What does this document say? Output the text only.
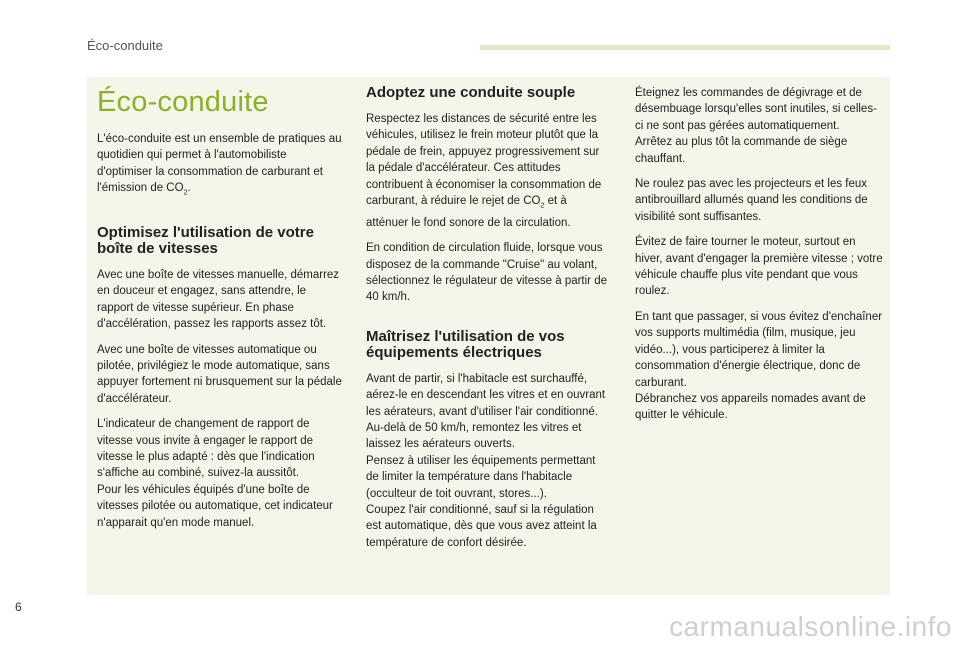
Éco-conduite
Éco-conduite

L'éco-conduite est un ensemble de pratiques au quotidien qui permet à l'automobiliste d'optimiser la consommation de carburant et l'émission de $CO_2$.

Optimisez l'utilisation de votre boîte de vitesses

Avec une boîte de vitesses manuelle, démarrez en douceur et engagez, sans attendre, le rapport de vitesse supérieur. En phase d'accélération, passez les rapports assez tôt.

Avec une boîte de vitesses automatique ou pilotée, privilégiez le mode automatique, sans appuyer fortement ni brusquement sur la pédale d'accélérateur.

L'indicateur de changement de rapport de vitesse vous invite à engager le rapport de vitesse le plus adapté : dès que l'indication s'affiche au combiné, suivez-la aussitôt.
Pour les véhicules équipés d'une boîte de vitesses pilotée ou automatique, cet indicateur n'apparait qu'en mode manuel.

Adoptez une conduite souple

Respectez les distances de sécurité entre les véhicules, utilisez le frein moteur plutôt que la pédale de frein, appuyez progressivement sur la pédale d'accélérateur. Ces attitudes contribuent à économiser la consommation de carburant, à réduire le rejet de $CO_2$ et à atténuer le fond sonore de la circulation.

En condition de circulation fluide, lorsque vous disposez de la commande "Cruise" au volant, sélectionnez le régulateur de vitesse à partir de 40 km/h.

Maîtrisez l'utilisation de vos équipements électriques

Avant de partir, si l'habitacle est surchauffé, aérez-le en descendant les vitres et en ouvrant les aérateurs, avant d'utiliser l'air conditionné.
Au-delà de 50 km/h, remontez les vitres et laissez les aérateurs ouverts.
Pensez à utiliser les équipements permettant de limiter la température dans l'habitacle (occulteur de toit ouvrant, stores...).
Coupez l'air conditionné, sauf si la régulation est automatique, dès que vous avez atteint la température de confort désirée.

Éteignez les commandes de dégivrage et de désembuage lorsqu'elles sont inutiles, si celles-ci ne sont pas gérées automatiquement.
Arrêtez au plus tôt la commande de siège chauffant.

Ne roulez pas avec les projecteurs et les feux antibrouillard allumés quand les conditions de visibilité sont suffisantes.

Évitez de faire tourner le moteur, surtout en hiver, avant d'engager la première vitesse ; votre véhicule chauffe plus vite pendant que vous roulez.

En tant que passager, si vous évitez d'enchaîner vos supports multimédia (film, musique, jeu vidéo...), vous participerez à limiter la consommation d'énergie électrique, donc de carburant.
Débranchez vos appareils nomades avant de quitter le véhicule.

6
carmanualsonline.info
